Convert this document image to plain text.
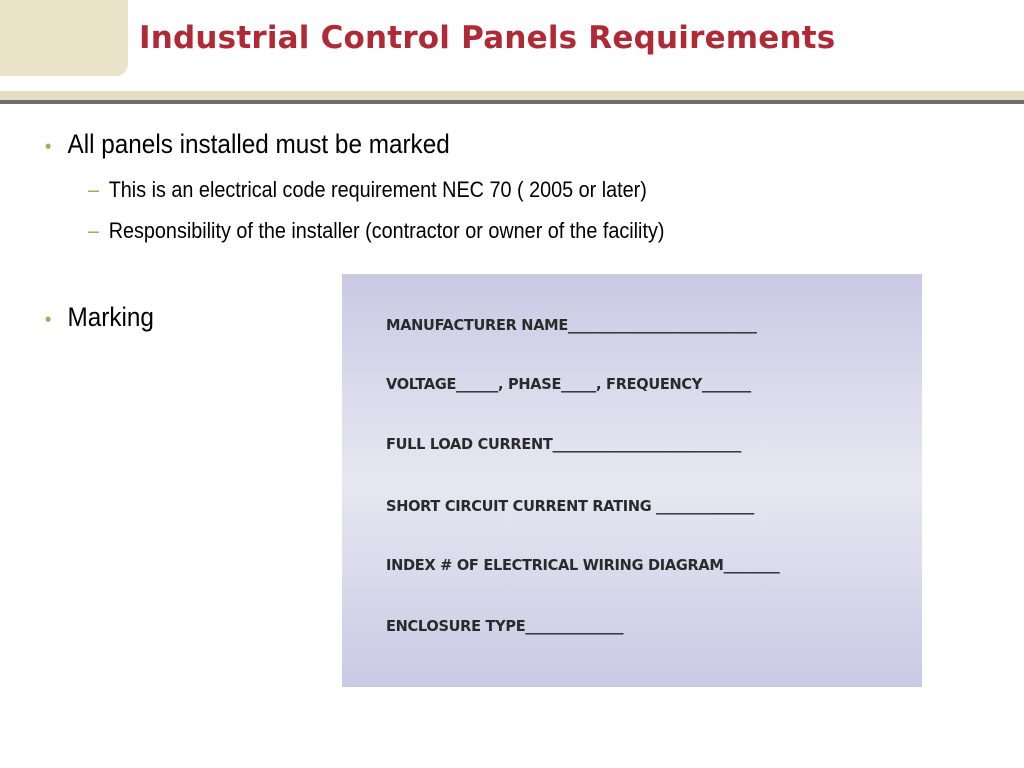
Industrial Control Panels Requirements
• All panels installed must be marked
– This is an electrical code requirement NEC 70 ( 2005 or later)
– Responsibility of the installer (contractor or owner of the facility)
• Marking	MANUFACTURER NAME___________________________
VOLTAGE______, PHASE_____, FREQUENCY_______
FULL LOAD CURRENT___________________________
SHORT CIRCUIT CURRENT RATING ______________
INDEX # OF ELECTRICAL WIRING DIAGRAM________
ENCLOSURE TYPE______________
